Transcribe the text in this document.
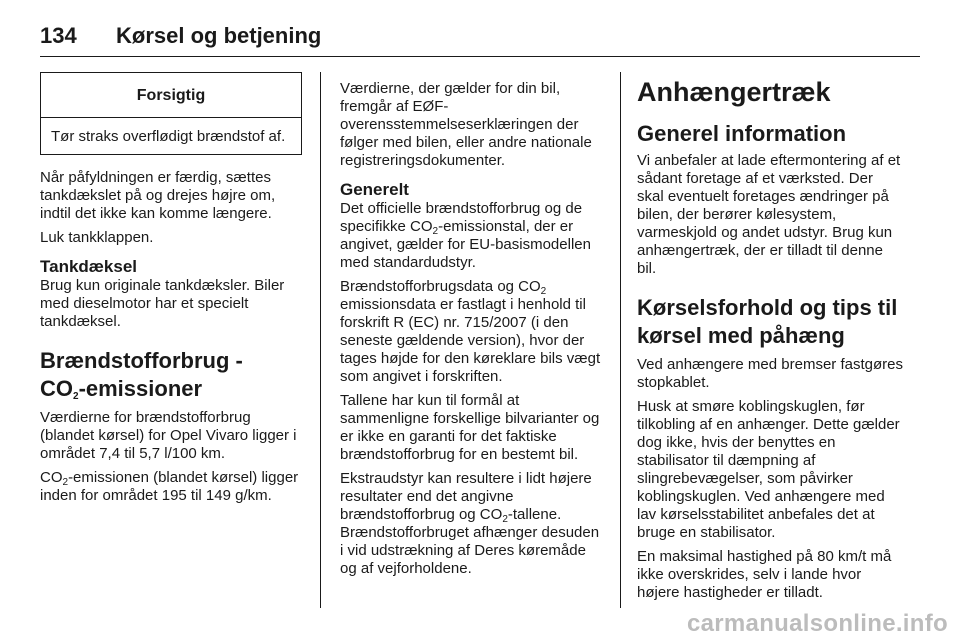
134	Kørsel og betjening
Forsigtig
Tør straks overflødigt brændstof af.

Når påfyldningen er færdig, sættes tankdækslet på og drejes højre om, indtil det ikke kan komme længere.

Luk tankklappen.

Tankdæksel

Brug kun originale tankdæksler. Biler med dieselmotor har et specielt tankdæksel.

Brændstofforbrug -
$CO_2$-emissioner

Værdierne for brændstofforbrug (blandet kørsel) for Opel Vivaro ligger i området 7,4 til 5,7 l/100 km.

$CO_2$-emissionen (blandet kørsel) ligger inden for området 195 til 149 g/km.

Værdierne, der gælder for din bil, fremgår af EØF-overensstemmelseserklæringen der følger med bilen, eller andre nationale registreringsdokumenter.

Generelt

Det officielle brændstofforbrug og de specifikke $CO_2$-emissionstal, der er angivet, gælder for EU-basismodellen med standardudstyr.

Brændstofforbrugsdata og $CO_2$ emissionsdata er fastlagt i henhold til forskrift R (EC) nr. 715/2007 (i den seneste gældende version), hvor der tages højde for den køreklare bils vægt som angivet i forskriften.

Tallene har kun til formål at sammenligne forskellige bilvarianter og er ikke en garanti for det faktiske brændstofforbrug for en bestemt bil.

Ekstraudstyr kan resultere i lidt højere resultater end det angivne brændstofforbrug og $CO_2$-tallene. Brændstofforbruget afhænger desuden i vid udstrækning af Deres køremåde og af vejforholdene.

Anhængertræk
Generel information

Vi anbefaler at lade eftermontering af et sådant foretage af et værksted. Der skal eventuelt foretages ændringer på bilen, der berører kølesystem, varmeskjold og andet udstyr. Brug kun anhængertræk, der er tilladt til denne bil.

Kørselsforhold og tips til kørsel med påhæng

Ved anhængere med bremser fastgøres stopkablet.

Husk at smøre koblingskuglen, før tilkobling af en anhænger. Dette gælder dog ikke, hvis der benyttes en stabilisator til dæmpning af slingrebevægelser, som påvirker koblingskuglen. Ved anhængere med lav kørselsstabilitet anbefales det at bruge en stabilisator.

En maksimal hastighed på 80 km/t må ikke overskrides, selv i lande hvor højere hastigheder er tilladt.

carmanualsonline.info
